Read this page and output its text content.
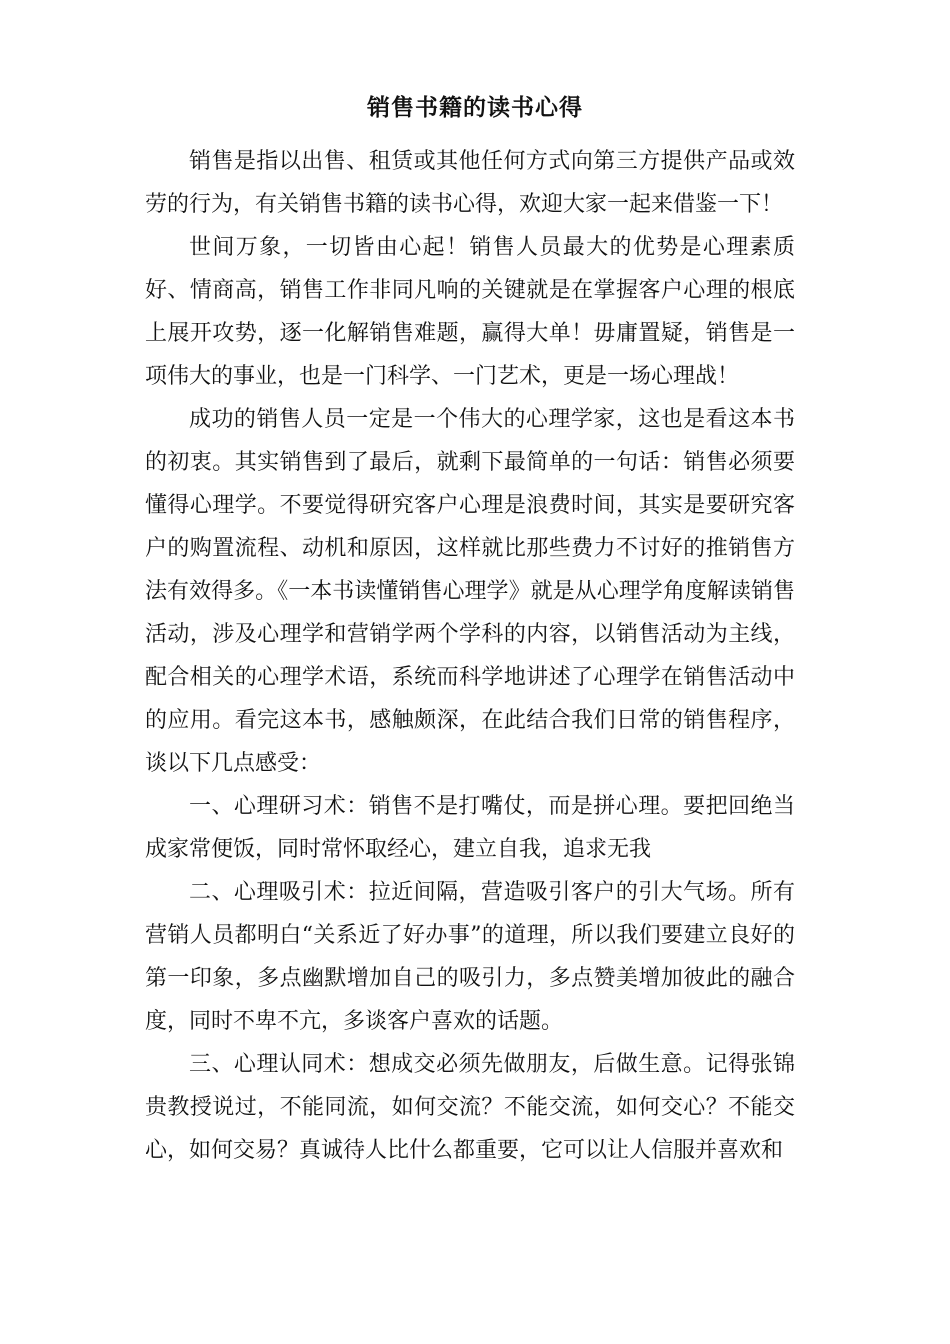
销售书籍的读书心得

销售是指以出售、租赁或其他任何方式向第三方提供产品或效劳的行为，有关销售书籍的读书心得，欢迎大家一起来借鉴一下！

世间万象，一切皆由心起！销售人员最大的优势是心理素质好、情商高，销售工作非同凡响的关键就是在掌握客户心理的根底上展开攻势，逐一化解销售难题，赢得大单！毋庸置疑，销售是一项伟大的事业，也是一门科学、一门艺术，更是一场心理战！

成功的销售人员一定是一个伟大的心理学家，这也是看这本书的初衷。其实销售到了最后，就剩下最简单的一句话：销售必须要懂得心理学。不要觉得研究客户心理是浪费时间，其实是要研究客户的购置流程、动机和原因，这样就比那些费力不讨好的推销售方法有效得多。《一本书读懂销售心理学》就是从心理学角度解读销售活动，涉及心理学和营销学两个学科的内容，以销售活动为主线，配合相关的心理学术语，系统而科学地讲述了心理学在销售活动中的应用。看完这本书，感触颇深，在此结合我们日常的销售程序，谈以下几点感受：

一、心理研习术：销售不是打嘴仗，而是拼心理。要把回绝当成家常便饭，同时常怀取经心，建立自我，追求无我

二、心理吸引术：拉近间隔，营造吸引客户的引大气场。所有营销人员都明白“关系近了好办事”的道理，所以我们要建立良好的第一印象，多点幽默增加自己的吸引力，多点赞美增加彼此的融合度，同时不卑不亢，多谈客户喜欢的话题。

三、心理认同术：想成交必须先做朋友，后做生意。记得张锦贵教授说过，不能同流，如何交流？不能交流，如何交心？不能交心，如何交易？真诚待人比什么都重要，它可以让人信服并喜欢和
